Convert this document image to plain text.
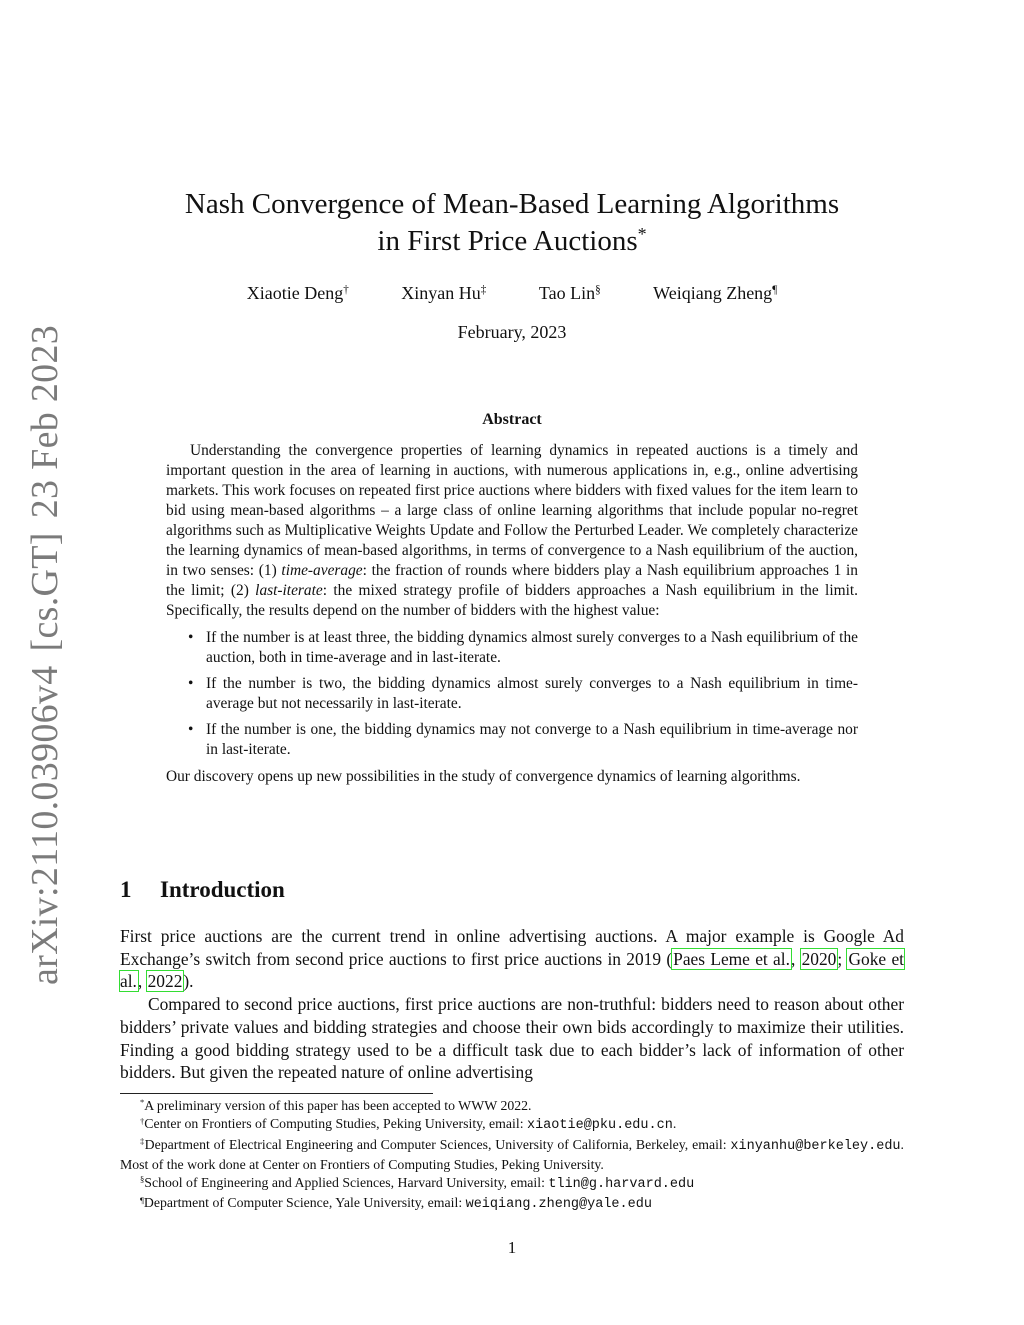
arXiv:2110.03906v4[cs.GT]23 Feb 2023
Nash Convergence of Mean-Based Learning Algorithms
in First Price Auctions*
Xiaotie Deng†	Xinyan Hu‡	Tao Lin§	Weiqiang Zheng¶
February, 2023
Abstract

Understanding the convergence properties of learning dynamics in repeated auctions is a timely and important question in the area of learning in auctions, with numerous applications in, e.g., online advertising markets. This work focuses on repeated first price auctions where bidders with fixed values for the item learn to bid using mean-based algorithms – a large class of online learning algorithms that include popular no-regret algorithms such as Multiplicative Weights Update and Follow the Perturbed Leader. We completely characterize the learning dynamics of mean-based algorithms, in terms of convergence to a Nash equilibrium of the auction, in two senses: (1) time-average: the fraction of rounds where bidders play a Nash equilibrium approaches 1 in the limit; (2) last-iterate: the mixed strategy profile of bidders approaches a Nash equilibrium in the limit. Specifically, the results depend on the number of bidders with the highest value:

• If the number is at least three, the bidding dynamics almost surely converges to a Nash equilibrium of the auction, both in time-average and in last-iterate.
• If the number is two, the bidding dynamics almost surely converges to a Nash equilibrium in time-average but not necessarily in last-iterate.
• If the number is one, the bidding dynamics may not converge to a Nash equilibrium in time-average nor in last-iterate.

Our discovery opens up new possibilities in the study of convergence dynamics of learning algorithms.

1 Introduction

First price auctions are the current trend in online advertising auctions. A major example is Google Ad Exchange’s switch from second price auctions to first price auctions in 2019 (Paes Leme et al., 2020; Goke et al., 2022).

Compared to second price auctions, first price auctions are non-truthful: bidders need to reason about other bidders’ private values and bidding strategies and choose their own bids accordingly to maximize their utilities. Finding a good bidding strategy used to be a difficult task due to each bidder’s lack of information of other bidders. But given the repeated nature of online advertising

*A preliminary version of this paper has been accepted to WWW 2022.

†Center on Frontiers of Computing Studies, Peking University, email: xiaotie@pku.edu.cn.

‡Department of Electrical Engineering and Computer Sciences, University of California, Berkeley, email: xinyanhu@berkeley.edu. Most of the work done at Center on Frontiers of Computing Studies, Peking University.

§School of Engineering and Applied Sciences, Harvard University, email: tlin@g.harvard.edu

¶Department of Computer Science, Yale University, email: weiqiang.zheng@yale.edu

1
